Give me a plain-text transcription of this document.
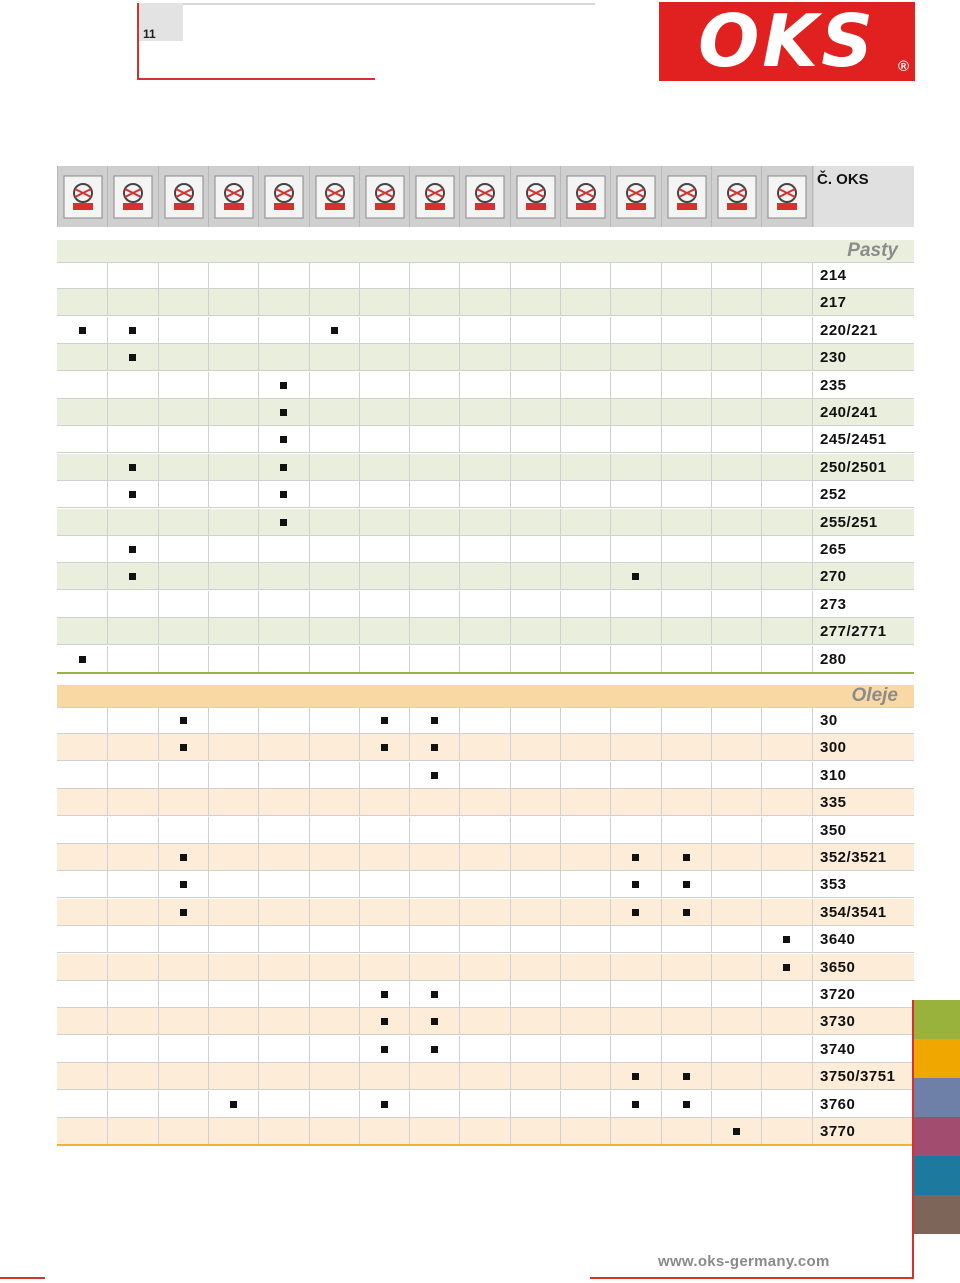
11	OKS	®
Č. OKS
Pasty
214
217
220/221
230
235
240/241
245/2451
250/2501
252
255/251
265
270
273
277/2771
280
Oleje
30
300
310
335
350
352/3521
353
354/3541
3640
3650
3720
3730
3740
3750/3751
3760
3770
www.oks-germany.com
